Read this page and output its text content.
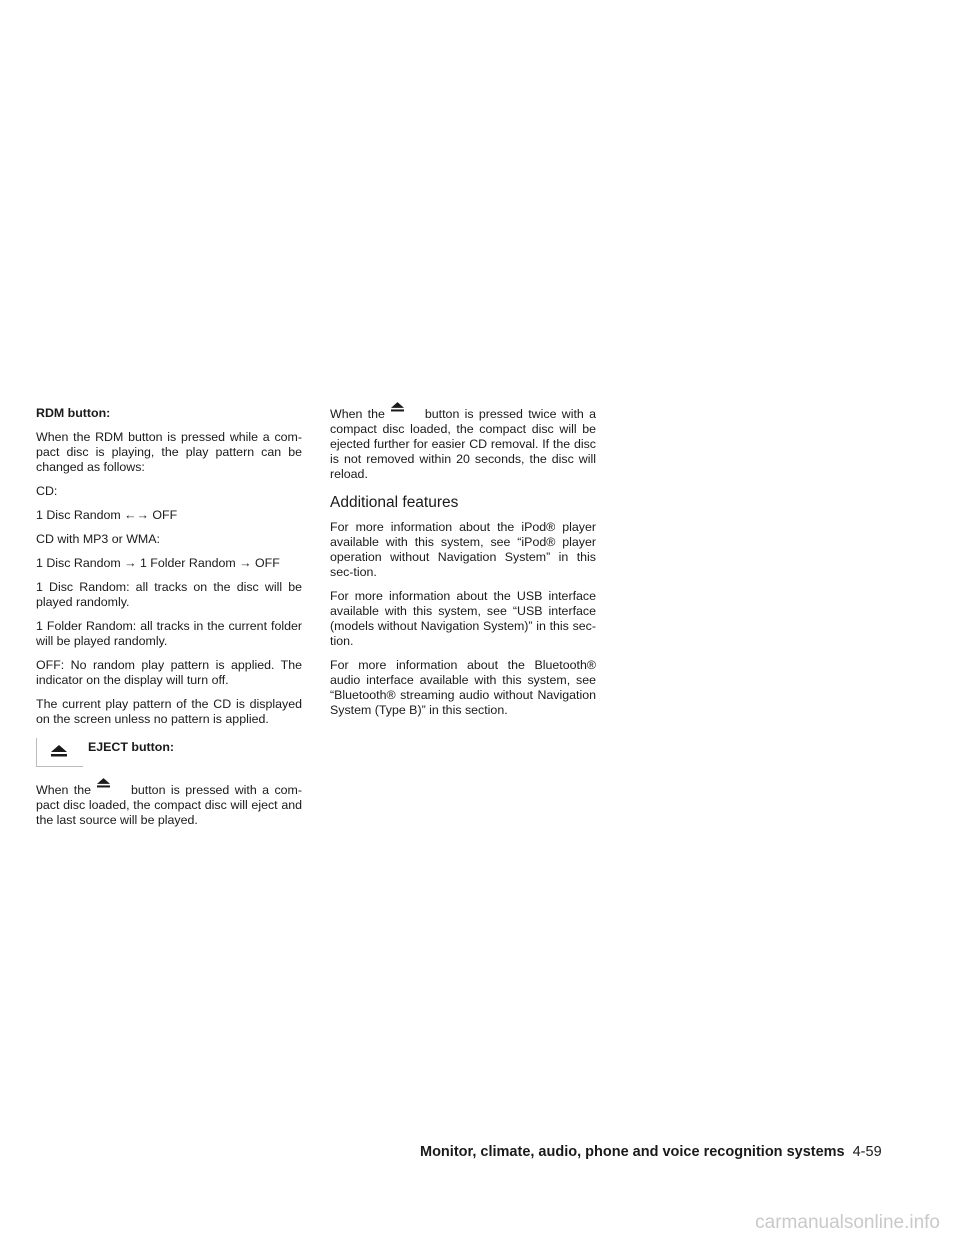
RDM button:

When the RDM button is pressed while a com-pact disc is playing, the play pattern can be changed as follows:

CD:

1 Disc Random ←→ OFF

CD with MP3 or WMA:

1 Disc Random → 1 Folder Random → OFF

1 Disc Random: all tracks on the disc will be played randomly.

1 Folder Random: all tracks in the current folder will be played randomly.

OFF: No random play pattern is applied. The indicator on the display will turn off.

The current play pattern of the CD is displayed on the screen unless no pattern is applied.

EJECT button:

When the	button is pressed with a com-pact disc loaded, the compact disc will eject and the last source will be played.

When the	button is pressed twice with a compact disc loaded, the compact disc will be ejected further for easier CD removal. If the disc is not removed within 20 seconds, the disc will reload.

Additional features

For more information about the iPod® player available with this system, see “iPod® player operation without Navigation System” in this sec-tion.

For more information about the USB interface available with this system, see “USB interface (models without Navigation System)” in this sec-tion.

For more information about the Bluetooth® audio interface available with this system, see “Bluetooth® streaming audio without Navigation System (Type B)” in this section.

Monitor, climate, audio, phone and voice recognition systems 4-59
carmanualsonline.info
